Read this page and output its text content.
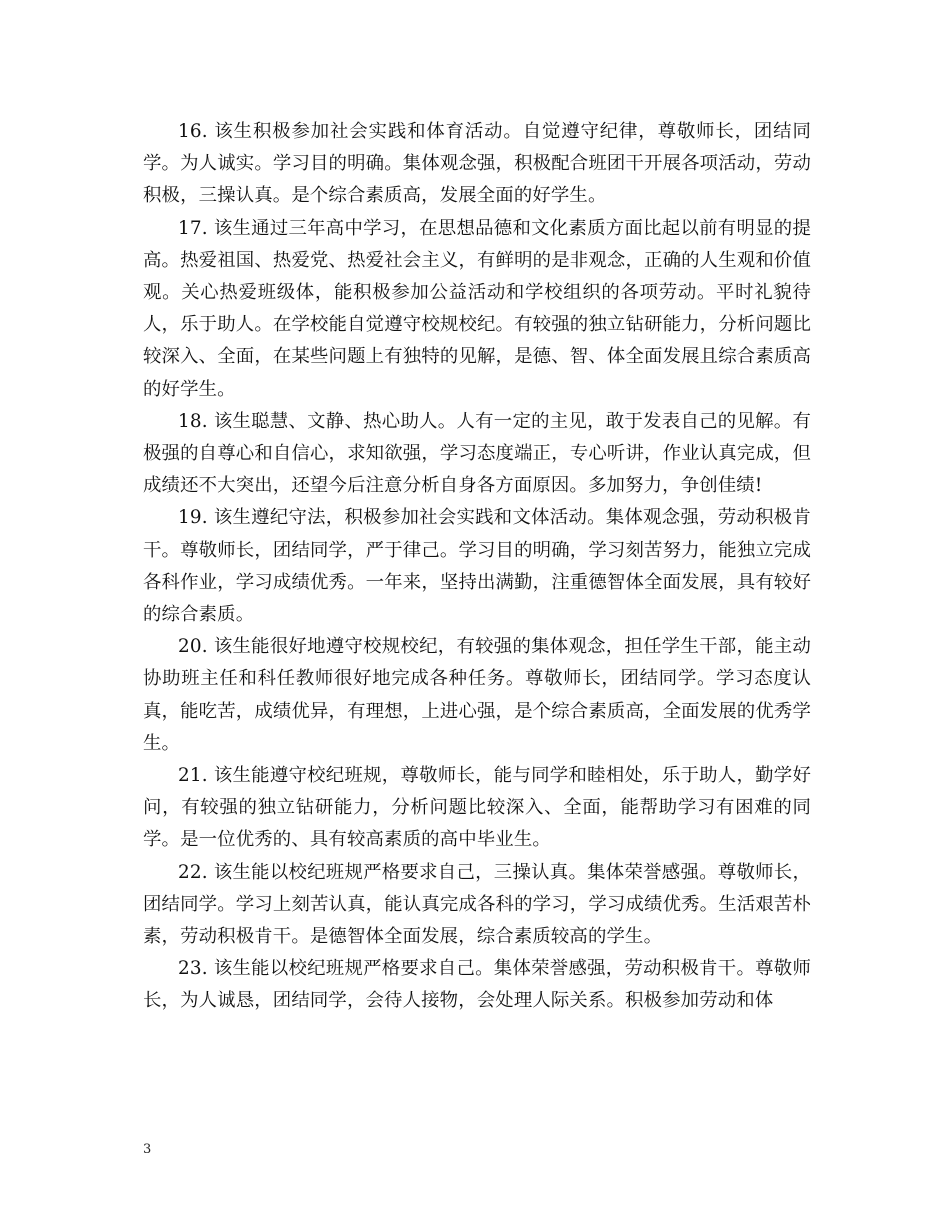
16. 该生积极参加社会实践和体育活动。自觉遵守纪律，尊敬师长，团结同学。为人诚实。学习目的明确。集体观念强，积极配合班团干开展各项活动，劳动积极，三操认真。是个综合素质高，发展全面的好学生。

17. 该生通过三年高中学习，在思想品德和文化素质方面比起以前有明显的提高。热爱祖国、热爱党、热爱社会主义，有鲜明的是非观念，正确的人生观和价值观。关心热爱班级体，能积极参加公益活动和学校组织的各项劳动。平时礼貌待人，乐于助人。在学校能自觉遵守校规校纪。有较强的独立钻研能力，分析问题比较深入、全面，在某些问题上有独特的见解，是德、智、体全面发展且综合素质高的好学生。

18. 该生聪慧、文静、热心助人。人有一定的主见，敢于发表自己的见解。有极强的自尊心和自信心，求知欲强，学习态度端正，专心听讲，作业认真完成，但成绩还不大突出，还望今后注意分析自身各方面原因。多加努力，争创佳绩!

19. 该生遵纪守法，积极参加社会实践和文体活动。集体观念强，劳动积极肯干。尊敬师长，团结同学，严于律己。学习目的明确，学习刻苦努力，能独立完成各科作业，学习成绩优秀。一年来，坚持出满勤，注重德智体全面发展，具有较好的综合素质。

20. 该生能很好地遵守校规校纪，有较强的集体观念，担任学生干部，能主动协助班主任和科任教师很好地完成各种任务。尊敬师长，团结同学。学习态度认真，能吃苦，成绩优异，有理想，上进心强，是个综合素质高，全面发展的优秀学生。

21. 该生能遵守校纪班规，尊敬师长，能与同学和睦相处，乐于助人，勤学好问，有较强的独立钻研能力，分析问题比较深入、全面，能帮助学习有困难的同学。是一位优秀的、具有较高素质的高中毕业生。

22. 该生能以校纪班规严格要求自己，三操认真。集体荣誉感强。尊敬师长，团结同学。学习上刻苦认真，能认真完成各科的学习，学习成绩优秀。生活艰苦朴素，劳动积极肯干。是德智体全面发展，综合素质较高的学生。

23. 该生能以校纪班规严格要求自己。集体荣誉感强，劳动积极肯干。尊敬师长，为人诚恳，团结同学，会待人接物，会处理人际关系。积极参加劳动和体

3
